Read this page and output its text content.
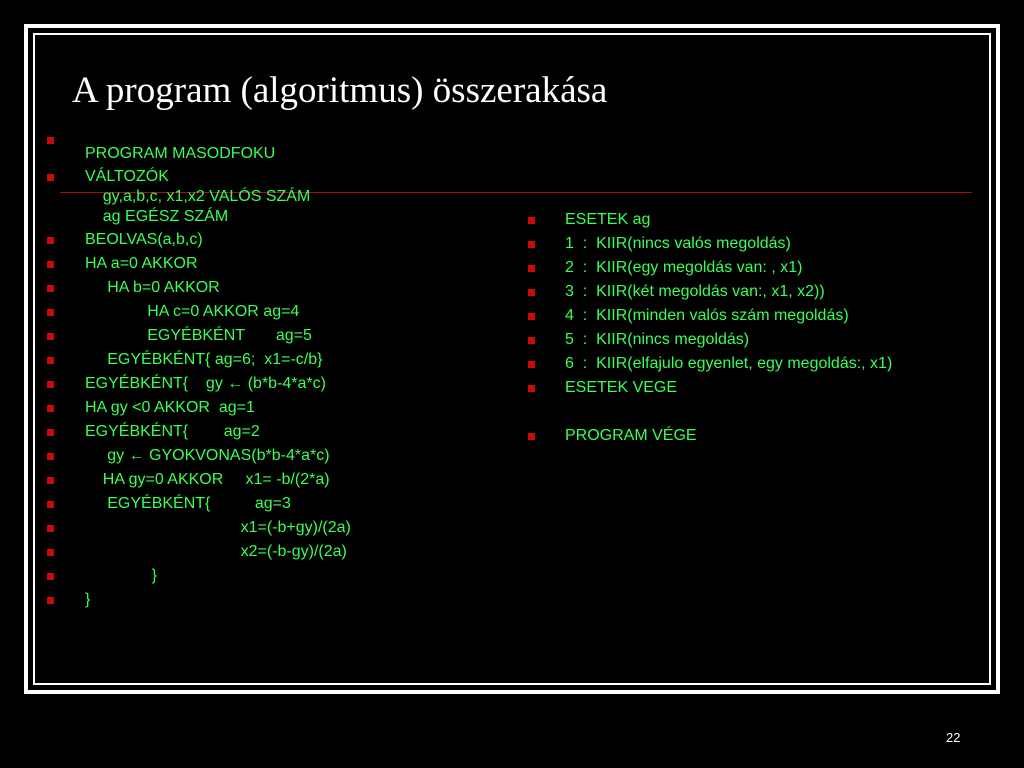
A program (algoritmus) összerakása
PROGRAM MASODFOKU
VÁLTOZÓK
gy,a,b,c, x1,x2 VALÓS SZÁM
ag EGÉSZ SZÁM
BEOLVAS(a,b,c)
HA a=0 AKKOR
HA b=0 AKKOR
HA c=0 AKKOR ag=4
EGYÉBKÉNT       ag=5
EGYÉBKÉNT{ ag=6;  x1=-c/b}
EGYÉBKÉNT{    gy ← (b*b-4*a*c)
HA gy <0 AKKOR  ag=1
EGYÉBKÉNT{        ag=2
gy ← GYOKVONAS(b*b-4*a*c)
HA gy=0 AKKOR     x1= -b/(2*a)
EGYÉBKÉNT{          ag=3
x1=(-b+gy)/(2a)
x2=(-b-gy)/(2a)
}
}
ESETEK ag
1  :  KIIR(nincs valós megoldás)
2  :  KIIR(egy megoldás van: , x1)
3  :  KIIR(két megoldás van:, x1, x2))
4  :  KIIR(minden valós szám megoldás)
5  :  KIIR(nincs megoldás)
6  :  KIIR(elfajulo egyenlet, egy megoldás:, x1)
ESETEK VEGE
PROGRAM VÉGE
22
